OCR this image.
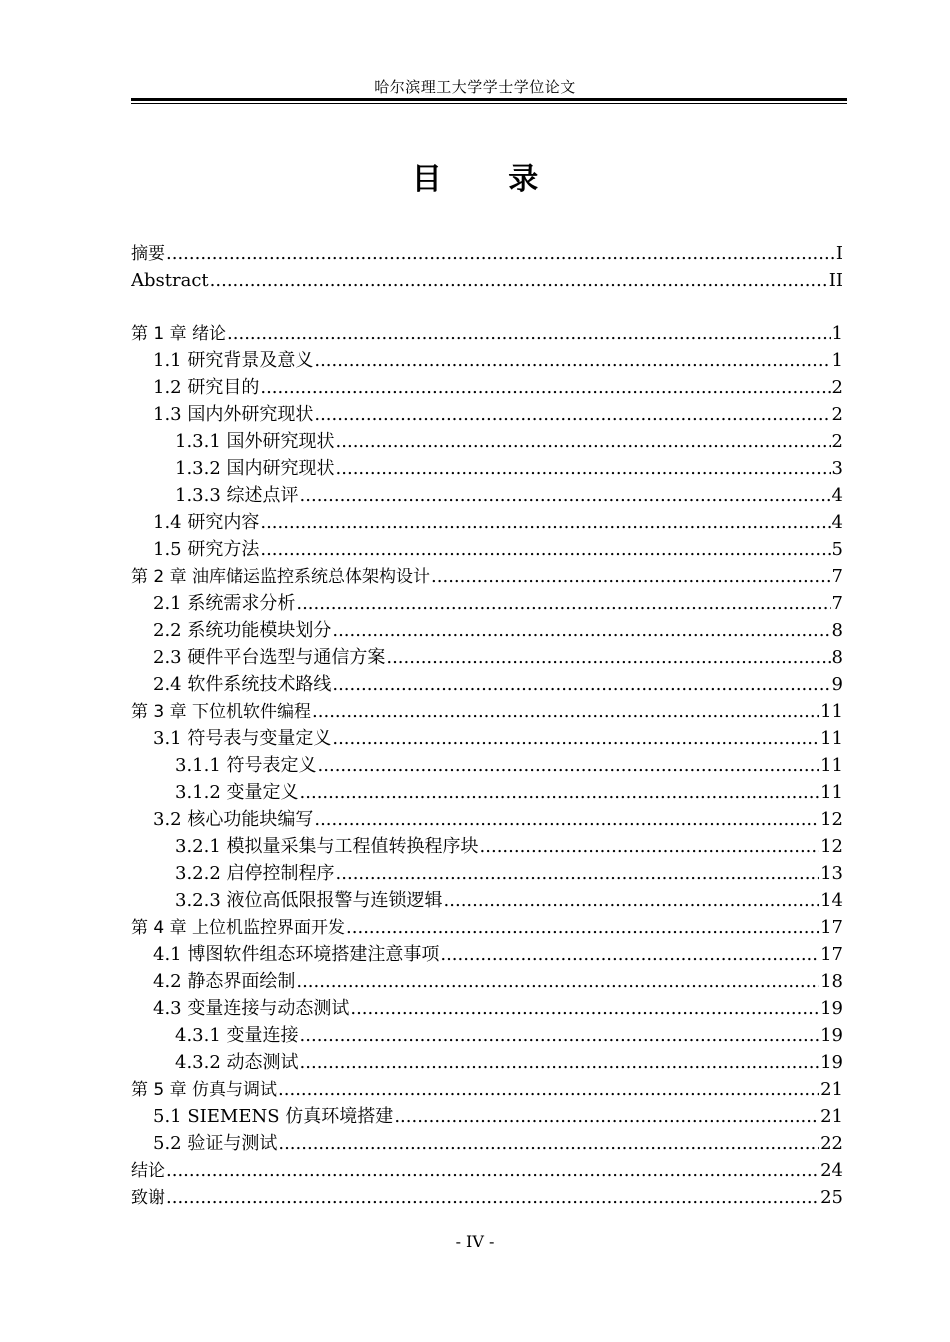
哈尔滨理工大学学士学位论文
目 录
摘要 .....	I
Abstract .....	II
第 1 章 绪论 .....	1
1.1 研究背景及意义 .....	1
1.2 研究目的 .....	2
1.3 国内外研究现状 .....	2
1.3.1 国外研究现状 .....	2
1.3.2 国内研究现状 .....	3
1.3.3 综述点评 .....	4
1.4 研究内容 .....	4
1.5 研究方法 .....	5
第 2 章 油库储运监控系统总体架构设计 .....	7
2.1 系统需求分析 .....	7
2.2 系统功能模块划分 .....	8
2.3 硬件平台选型与通信方案 .....	8
2.4 软件系统技术路线 .....	9
第 3 章 下位机软件编程 .....	11
3.1 符号表与变量定义 .....	11
3.1.1 符号表定义 .....	11
3.1.2 变量定义 .....	11
3.2 核心功能块编写 .....	12
3.2.1 模拟量采集与工程值转换程序块 .....	12
3.2.2 启停控制程序 .....	13
3.2.3 液位高低限报警与连锁逻辑 .....	14
第 4 章 上位机监控界面开发 .....	17
4.1 博图软件组态环境搭建注意事项 .....	17
4.2 静态界面绘制 .....	18
4.3 变量连接与动态测试 .....	19
4.3.1 变量连接 .....	19
4.3.2 动态测试 .....	19
第 5 章 仿真与调试 .....	21
5.1 SIEMENS 仿真环境搭建 .....	21
5.2 验证与测试 .....	22
结论 .....	24
致谢 .....	25
- IV -
